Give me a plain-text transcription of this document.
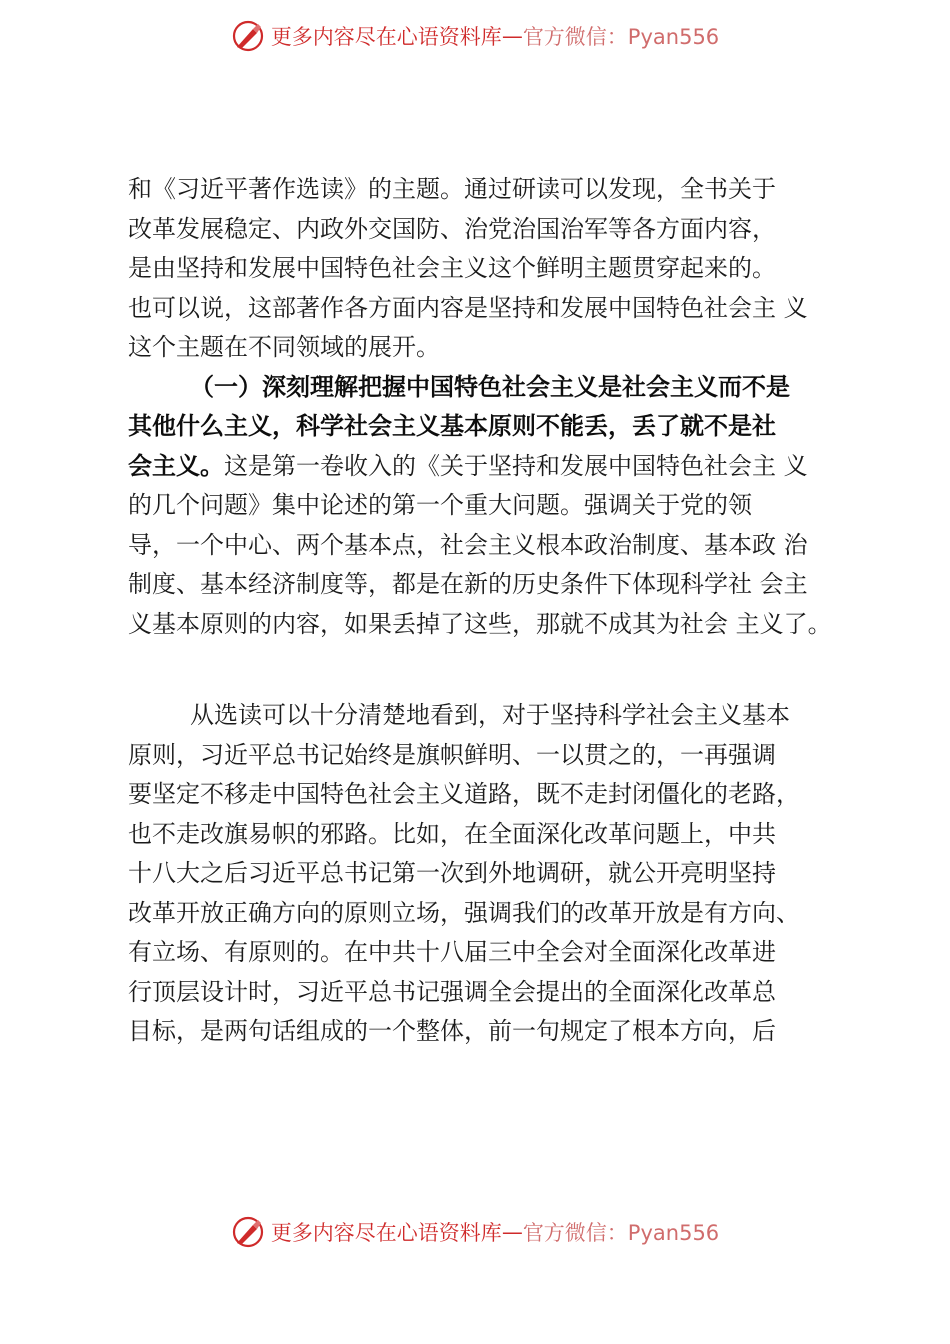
更多内容尽在心语资料库 — 官方微信：Pyan556

和《习近平著作选读》的主题。通过研读可以发现，全书关于
改革发展稳定、内政外交国防、治党治国治军等各方面内容，
是由坚持和发展中国特色社会主义这个鲜明主题贯穿起来的。
也可以说，这部著作各方面内容是坚持和发展中国特色社会主 义
这个主题在不同领域的展开。

（一）深刻理解把握中国特色社会主义是社会主义而不是
其他什么主义，科学社会主义基本原则不能丢，丢了就不是社
会主义。这是第一卷收入的《关于坚持和发展中国特色社会主 义
的几个问题》集中论述的第一个重大问题。强调关于党的领
导，一个中心、两个基本点，社会主义根本政治制度、基本政 治
制度、基本经济制度等，都是在新的历史条件下体现科学社 会主
义基本原则的内容，如果丢掉了这些，那就不成其为社会 主义了。

从选读可以十分清楚地看到，对于坚持科学社会主义基本
原则，习近平总书记始终是旗帜鲜明、一以贯之的，一再强调
要坚定不移走中国特色社会主义道路，既不走封闭僵化的老路，
也不走改旗易帜的邪路。比如，在全面深化改革问题上，中共
十八大之后习近平总书记第一次到外地调研，就公开亮明坚持
改革开放正确方向的原则立场，强调我们的改革开放是有方向、
有立场、有原则的。在中共十八届三中全会对全面深化改革进
行顶层设计时，习近平总书记强调全会提出的全面深化改革总
目标，是两句话组成的一个整体，前一句规定了根本方向，后

更多内容尽在心语资料库 — 官方微信：Pyan556
